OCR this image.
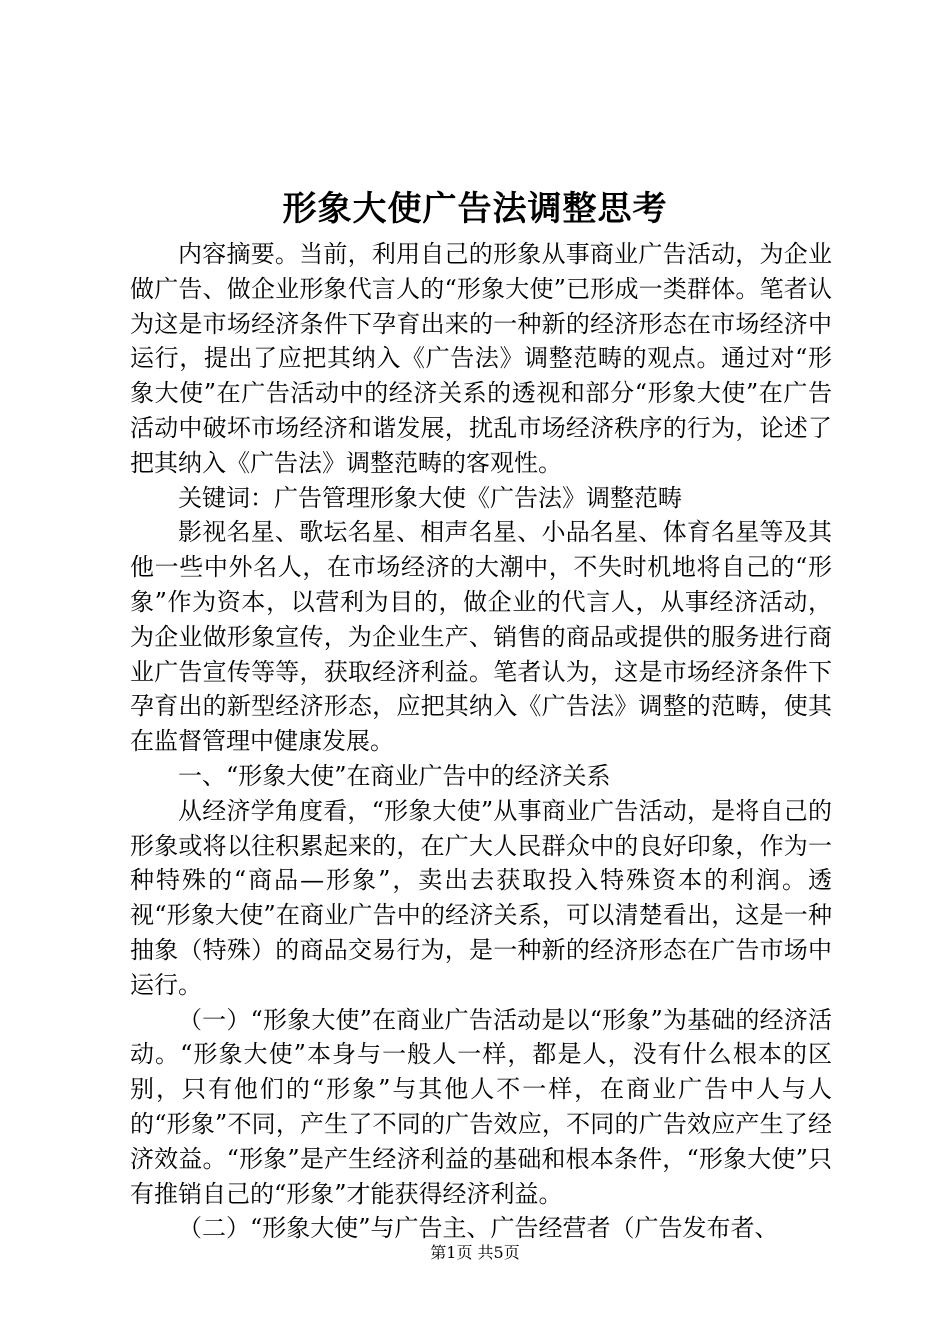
形象大使广告法调整思考

内容摘要。当前，利用自己的形象从事商业广告活动，为企业做广告、做企业形象代言人的“形象大使”已形成一类群体。笔者认为这是市场经济条件下孕育出来的一种新的经济形态在市场经济中运行，提出了应把其纳入《广告法》调整范畴的观点。通过对“形象大使”在广告活动中的经济关系的透视和部分“形象大使”在广告活动中破坏市场经济和谐发展，扰乱市场经济秩序的行为，论述了把其纳入《广告法》调整范畴的客观性。

关键词：广告管理形象大使《广告法》调整范畴

影视名星、歌坛名星、相声名星、小品名星、体育名星等及其他一些中外名人，在市场经济的大潮中，不失时机地将自己的“形象”作为资本，以营利为目的，做企业的代言人，从事经济活动，为企业做形象宣传，为企业生产、销售的商品或提供的服务进行商业广告宣传等等，获取经济利益。笔者认为，这是市场经济条件下孕育出的新型经济形态，应把其纳入《广告法》调整的范畴，使其在监督管理中健康发展。

一、“形象大使”在商业广告中的经济关系

从经济学角度看，“形象大使”从事商业广告活动，是将自己的形象或将以往积累起来的，在广大人民群众中的良好印象，作为一种特殊的“商品—形象”，卖出去获取投入特殊资本的利润。透视“形象大使”在商业广告中的经济关系，可以清楚看出，这是一种抽象（特殊）的商品交易行为，是一种新的经济形态在广告市场中运行。

（一）“形象大使”在商业广告活动是以“形象”为基础的经济活动。“形象大使”本身与一般人一样，都是人，没有什么根本的区别，只有他们的“形象”与其他人不一样，在商业广告中人与人的“形象”不同，产生了不同的广告效应，不同的广告效应产生了经济效益。“形象”是产生经济利益的基础和根本条件，“形象大使”只有推销自己的“形象”才能获得经济利益。

（二）“形象大使”与广告主、广告经营者（广告发布者、

第1页 共5页
